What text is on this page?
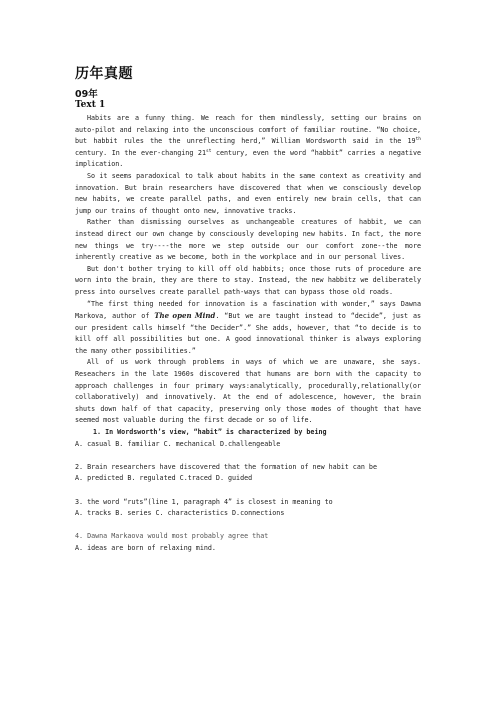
历年真题
09年
Text 1

Habits are a funny thing. We reach for them mindlessly, setting our brains on auto-pilot and relaxing into the unconscious comfort of familiar routine. “No choice, but habbit rules the the unreflecting herd,” William Wordsworth said in the 19th century. In the ever-changing 21st century, even the word “habbit” carries a negative implication.

So it seems paradoxical to talk about habits in the same context as creativity and innovation. But brain researchers have discovered that when we consciously develop new habits, we create parallel paths, and even entirely new brain cells, that can jump our trains of thought onto new, innovative tracks.

Rather than dismissing ourselves as unchangeable creatures of habbit, we can instead direct our own change by consciously developing new habits. In fact, the more new things we try----the more we step outside our our comfort zone--the more inherently creative as we become, both in the workplace and in our personal lives.

But don't bother trying to kill off old habbits; once those ruts of procedure are worn into the brain, they are there to stay. Instead, the new habbitz we deliberately press into ourselves create parallel path-ways that can bypass those old roads.

“The first thing needed for innovation is a fascination with wonder,” says Dawna Markova, author of The open Mind. “But we are taught instead to “decide”, just as our president calls himself “the Decider”.” She adds, however, that “to decide is to kill off all possibilities but one. A good innovational thinker is always exploring the many other possibilities.”

All of us work through problems in ways of which we are unaware, she says. Reseachers in the late 1960s discovered that humans are born with the capacity to approach challenges in four primary ways:analytically, procedurally,relationally(or collaboratively) and innovatively. At the end of adolescence, however, the brain shuts down half of that capacity, preserving only those modes of thought that have seemed most valuable during the first decade or so of life.

1. In Wordsworth’s view, “habit” is characterized by being

A. casual B. familiar C. mechanical D.challengeable

2. Brain researchers have discovered that the formation of new habit can be

A. predicted B. regulated C.traced D. guided

3. the word “ruts”(line 1, paragraph 4” is closest in meaning to

A. tracks B. series C. characteristics D.connections

4. Dawna Markaova would most probably agree that

A. ideas are born of relaxing mind.
